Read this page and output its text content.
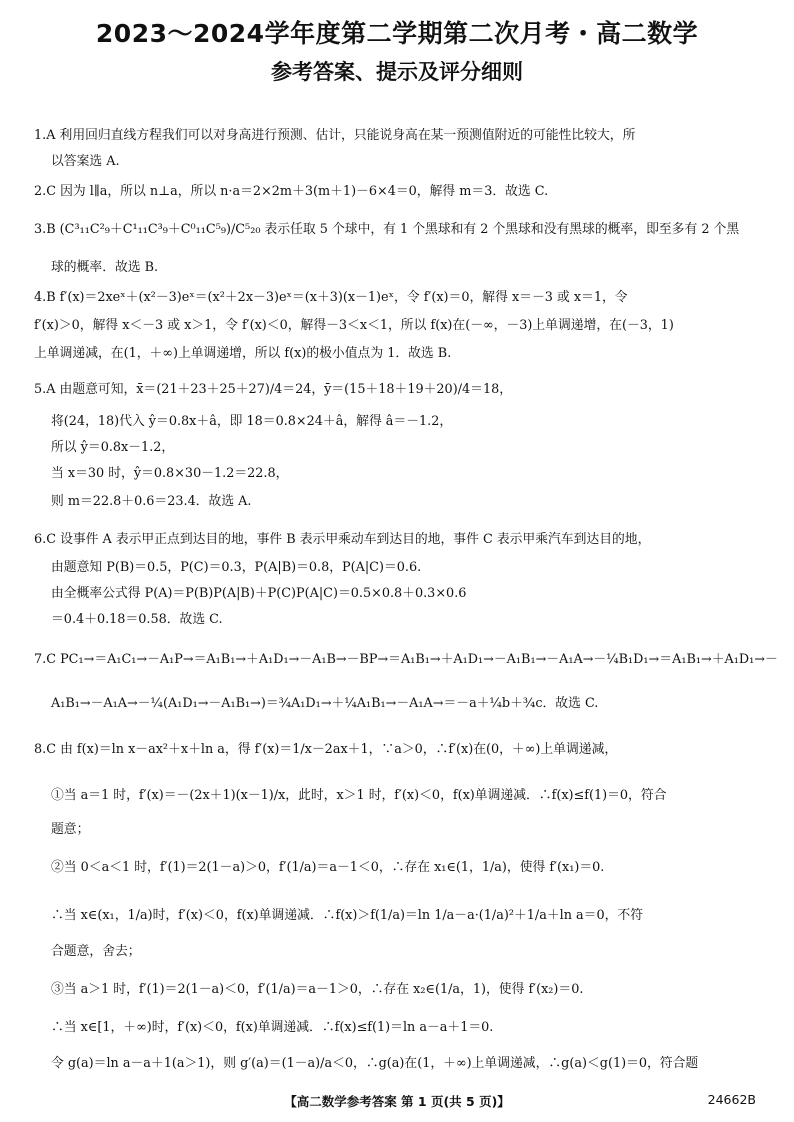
2023～2024学年度第二学期第二次月考・高二数学
参考答案、提示及评分细则
1.A 利用回归直线方程我们可以对身高进行预测、估计，只能说身高在某一预测值附近的可能性比较大，所
以答案选 A.
2.C 因为 l∥a，所以 n⊥a，所以 n·a＝2×2m＋3(m＋1)－6×4＝0，解得 m＝3．故选 C.
3.B (C³₁₁C²₉＋C¹₁₁C³₉＋C⁰₁₁C⁵₉)/C⁵₂₀ 表示任取 5 个球中，有 1 个黑球和有 2 个黑球和没有黑球的概率，即至多有 2 个黑
球的概率．故选 B.
4.B f′(x)＝2xeˣ＋(x²－3)eˣ＝(x²＋2x－3)eˣ＝(x＋3)(x－1)eˣ，令 f′(x)＝0，解得 x＝－3 或 x＝1，令
f′(x)＞0，解得 x＜－3 或 x＞1，令 f′(x)＜0，解得－3＜x＜1，所以 f(x)在(－∞，－3)上单调递增，在(－3，1)
上单调递减，在(1，＋∞)上单调递增，所以 f(x)的极小值点为 1．故选 B.
5.A 由题意可知，x̄＝(21＋23＋25＋27)/4＝24，ȳ＝(15＋18＋19＋20)/4＝18，
将(24，18)代入 ŷ＝0.8x＋â，即 18＝0.8×24＋â，解得 â＝－1.2，
所以 ŷ＝0.8x－1.2，
当 x＝30 时，ŷ＝0.8×30－1.2＝22.8，
则 m＝22.8＋0.6＝23.4．故选 A.
6.C 设事件 A 表示甲正点到达目的地，事件 B 表示甲乘动车到达目的地，事件 C 表示甲乘汽车到达目的地，
由题意知 P(B)＝0.5，P(C)＝0.3，P(A|B)＝0.8，P(A|C)＝0.6.
由全概率公式得 P(A)＝P(B)P(A|B)＋P(C)P(A|C)＝0.5×0.8＋0.3×0.6
＝0.4＋0.18＝0.58．故选 C.
7.C PC₁→＝A₁C₁→－A₁P→＝A₁B₁→＋A₁D₁→－A₁B→－BP→＝A₁B₁→＋A₁D₁→－A₁B₁→－A₁A→－¼B₁D₁→＝A₁B₁→＋A₁D₁→－
A₁B₁→－A₁A→－¼(A₁D₁→－A₁B₁→)＝¾A₁D₁→＋¼A₁B₁→－A₁A→＝－a＋¼b＋¾c．故选 C.
8.C 由 f(x)＝ln x－ax²＋x＋ln a，得 f′(x)＝1/x－2ax＋1，∵a＞0，∴f′(x)在(0，＋∞)上单调递减，
①当 a＝1 时，f′(x)＝－(2x＋1)(x－1)/x，此时，x＞1 时，f′(x)＜0，f(x)单调递减．∴f(x)≤f(1)＝0，符合
题意；
②当 0＜a＜1 时，f′(1)＝2(1－a)＞0，f′(1/a)＝a－1＜0，∴存在 x₁∈(1，1/a)，使得 f′(x₁)＝0.
∴当 x∈(x₁，1/a)时，f′(x)＜0，f(x)单调递减．∴f(x)＞f(1/a)＝ln 1/a－a·(1/a)²＋1/a＋ln a＝0，不符
合题意，舍去；
③当 a＞1 时，f′(1)＝2(1－a)＜0，f′(1/a)＝a－1＞0，∴存在 x₂∈(1/a，1)，使得 f′(x₂)＝0.
∴当 x∈[1，＋∞)时，f′(x)＜0，f(x)单调递减．∴f(x)≤f(1)＝ln a－a＋1＝0.
令 g(a)＝ln a－a＋1(a＞1)，则 g′(a)＝(1－a)/a＜0，∴g(a)在(1，＋∞)上单调递减，∴g(a)＜g(1)＝0，符合题
【高二数学参考答案 第 1 页(共 5 页)】	24662B
